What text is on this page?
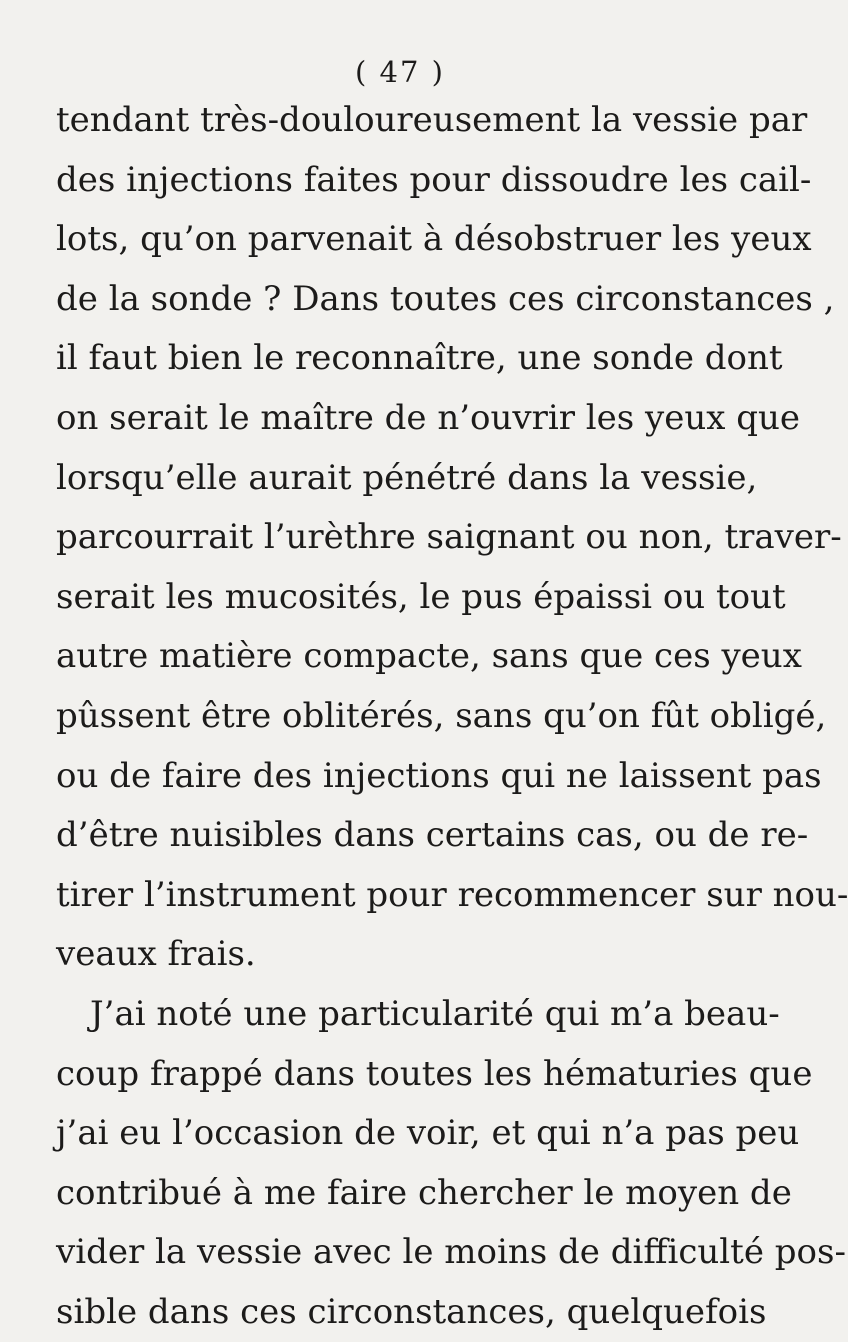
( 47 )
tendant très-douloureusement la vessie par
des injections faites pour dissoudre les cail-
lots, qu’on parvenait à désobstruer les yeux
de la sonde ? Dans toutes ces circonstances ,
il faut bien le reconnaître, une sonde dont
on serait le maître de n’ouvrir les yeux que
lorsqu’elle aurait pénétré dans la vessie,
parcourrait l’urèthre saignant ou non, traver-
serait les mucosités, le pus épaissi ou tout
autre matière compacte, sans que ces yeux
pûssent être oblitérés, sans qu’on fût obligé,
ou de faire des injections qui ne laissent pas
d’être nuisibles dans certains cas, ou de re-
tirer l’instrument pour recommencer sur nou-
veaux frais.
J’ai noté une particularité qui m’a beau-
coup frappé dans toutes les hématuries que
j’ai eu l’occasion de voir, et qui n’a pas peu
contribué à me faire chercher le moyen de
vider la vessie avec le moins de difficulté pos-
sible dans ces circonstances, quelquefois
